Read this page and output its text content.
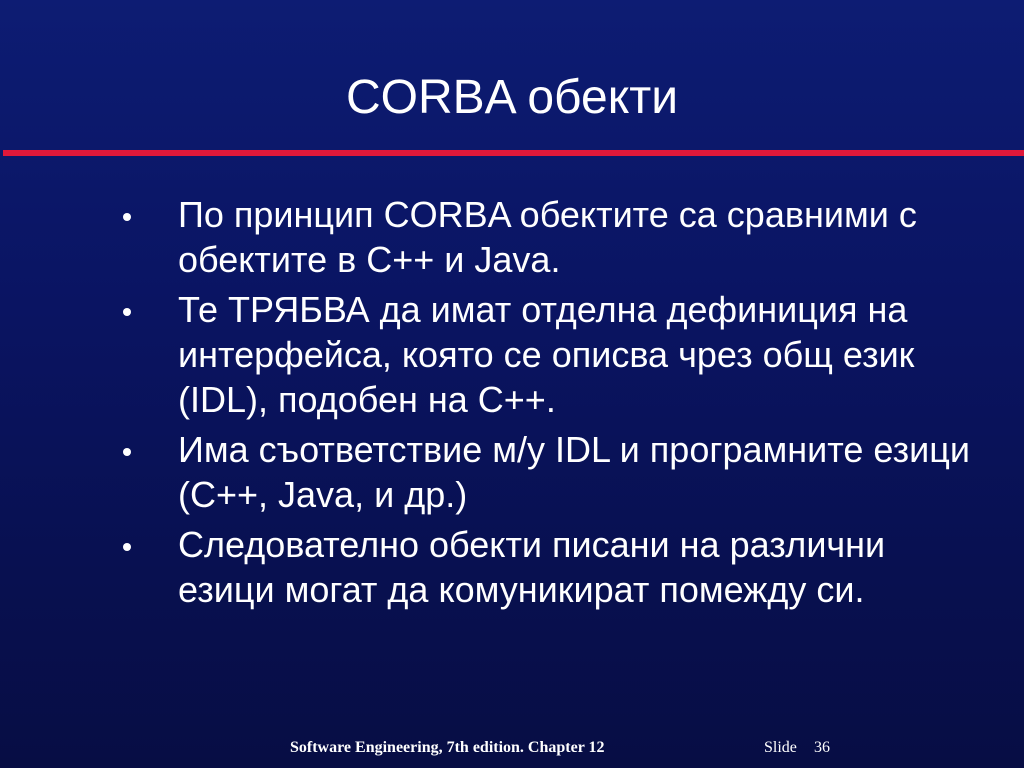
CORBA обекти
По принцип CORBA обектите са сравними с обектите в С++ и Java.
Те ТРЯБВА да имат отделна дефиниция на интерфейса, която се описва чрез общ език (IDL), подобен на С++.
Има съответствие м/у IDL и програмните езици (С++, Java, и др.)
Следователно обекти писани на различни езици могат да комуникират помежду си.
Software Engineering, 7th edition. Chapter 12	Slide 36
